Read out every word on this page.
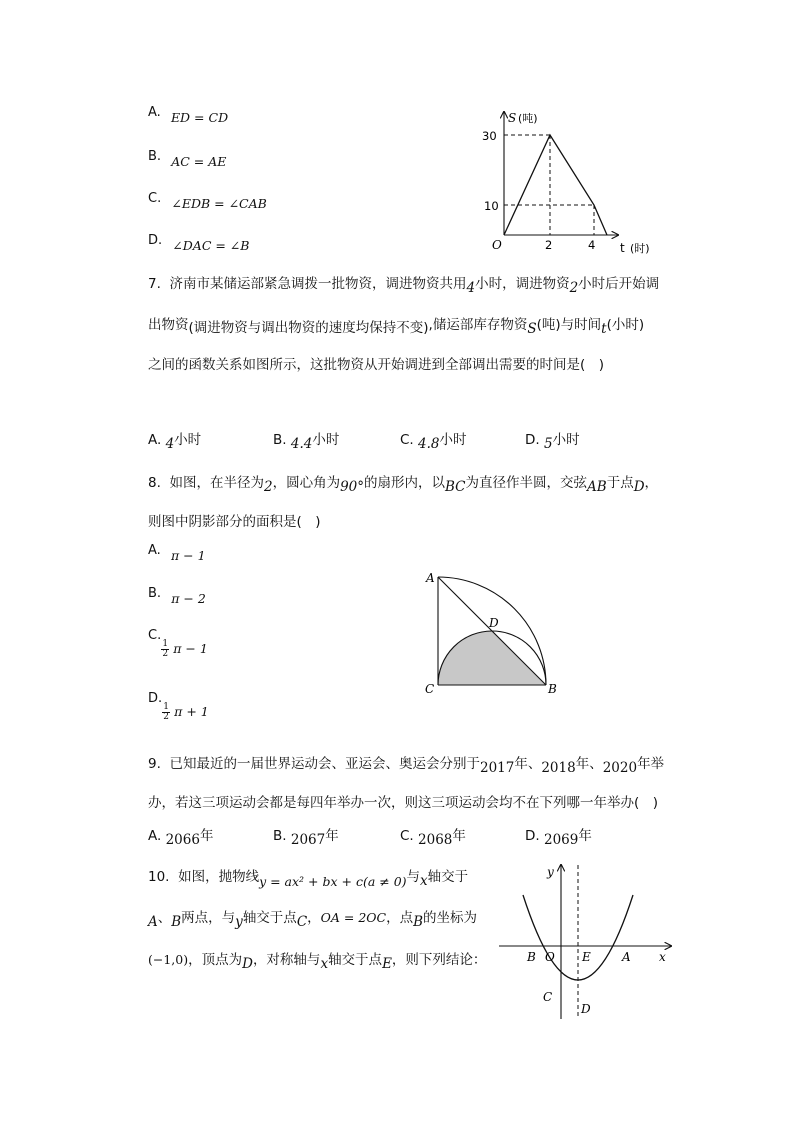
A. ED = CD
B. AC = AE
C. ∠EDB = ∠CAB
D. ∠DAC = ∠B
S (吨)
t (时)
O
30
10
2	4
7. 济南市某储运部紧急调拨一批物资，调进物资共用4小时，调进物资2小时后开始调
出物资(调进物资与调出物资的速度均保持不变),储运部库存物资S(吨)与时间t(小时)
之间的函数关系如图所示，这批物资从开始调进到全部调出需要的时间是(　)
A. 4小时	B. 4.4小时	C. 4.8小时	D. 5小时
8. 如图，在半径为2，圆心角为90°的扇形内，以BC为直径作半圆，交弦AB于点D，
则图中阴影部分的面积是(　)
A. π − 1
B. π − 2
C.
$\frac{1}{2}$ π − 1
D.
$\frac{1}{2}$ π + 1
A
D
C	B
9. 已知最近的一届世界运动会、亚运会、奥运会分别于2017年、2018年、2020年举
办，若这三项运动会都是每四年举办一次，则这三项运动会均不在下列哪一年举办(　)
A. 2066年	B. 2067年	C. 2068年	D. 2069年
10. 如图，抛物线y = ax² + bx + c(a ≠ 0)与x轴交于
A、B两点，与y轴交于点C，OA = 2OC，点B的坐标为
(−1,0)，顶点为D，对称轴与x轴交于点E，则下列结论：
y
x
B O E	A
C
D
